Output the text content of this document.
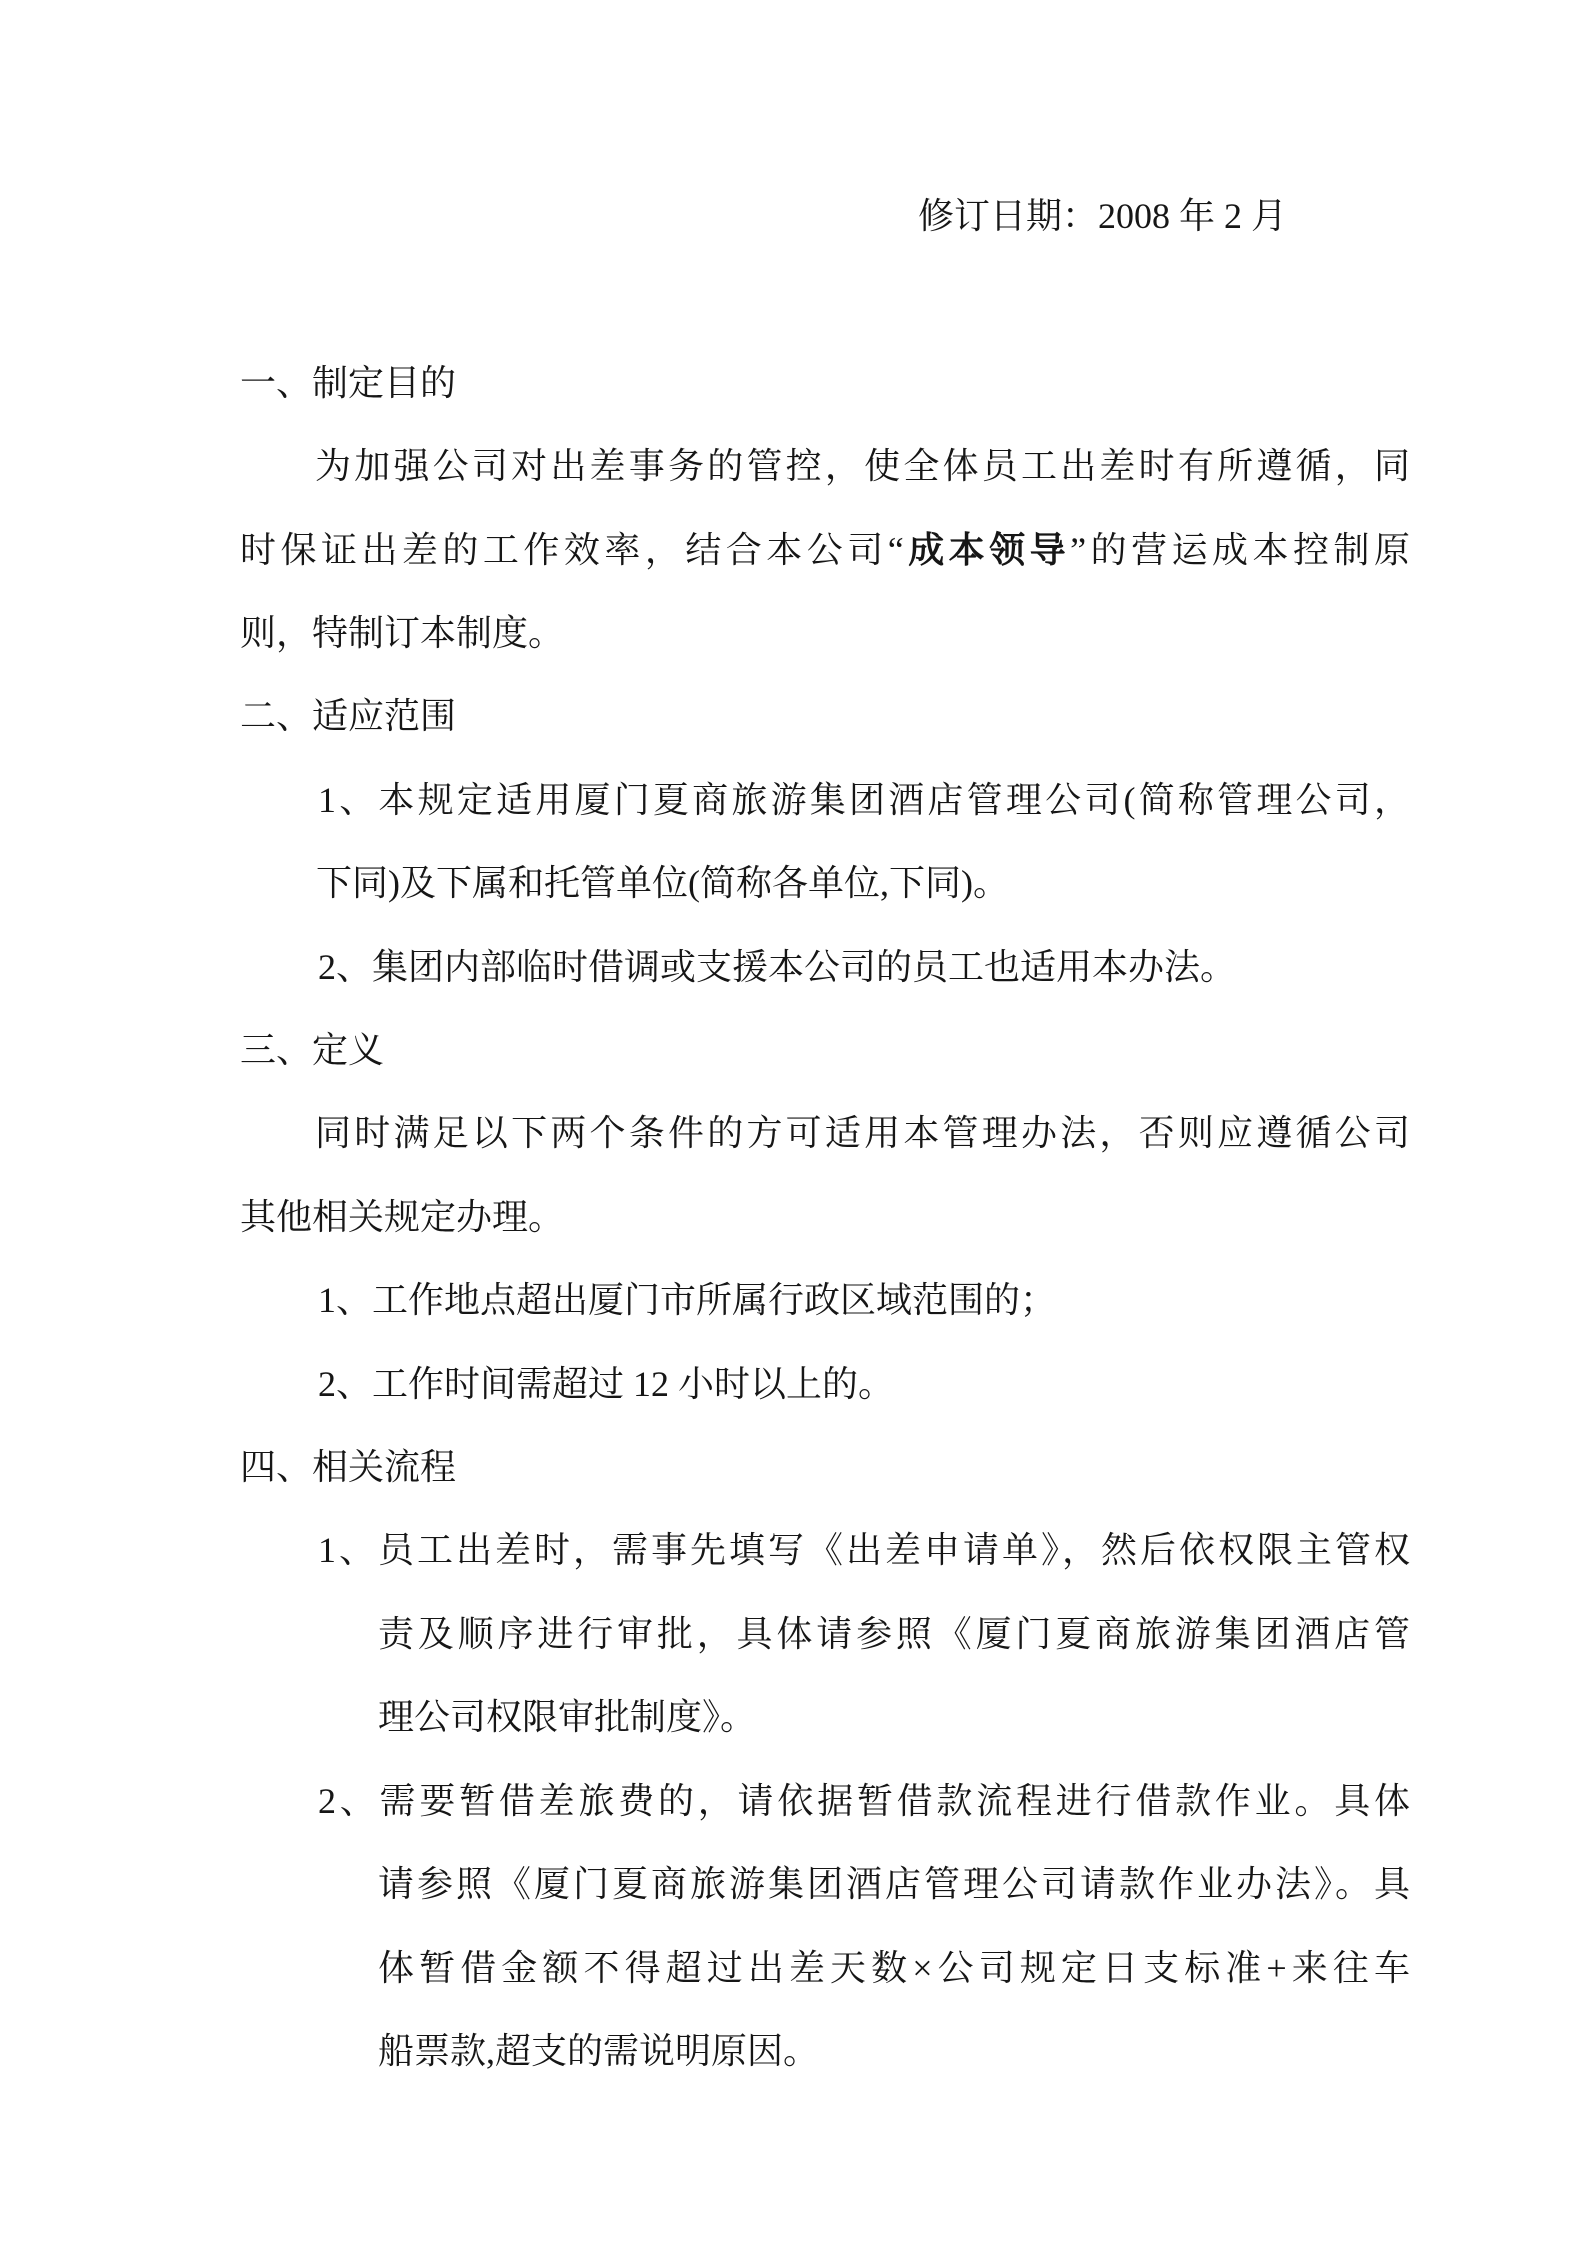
修订日期：2008 年 2 月
一、制定目的
为加强公司对出差事务的管控，使全体员工出差时有所遵循，同
时保证出差的工作效率，结合本公司“成本领导”的营运成本控制原
则，特制订本制度。
二、适应范围
1、本规定适用厦门夏商旅游集团酒店管理公司(简称管理公司，
下同)及下属和托管单位(简称各单位,下同)。
2、集团内部临时借调或支援本公司的员工也适用本办法。
三、定义
同时满足以下两个条件的方可适用本管理办法，否则应遵循公司
其他相关规定办理。
1、工作地点超出厦门市所属行政区域范围的；
2、工作时间需超过 12 小时以上的。
四、相关流程
1、员工出差时，需事先填写《出差申请单》，然后依权限主管权
责及顺序进行审批，具体请参照《厦门夏商旅游集团酒店管
理公司权限审批制度》。
2、需要暂借差旅费的，请依据暂借款流程进行借款作业。具体
请参照《厦门夏商旅游集团酒店管理公司请款作业办法》。具
体暂借金额不得超过出差天数×公司规定日支标准+来往车
船票款,超支的需说明原因。
